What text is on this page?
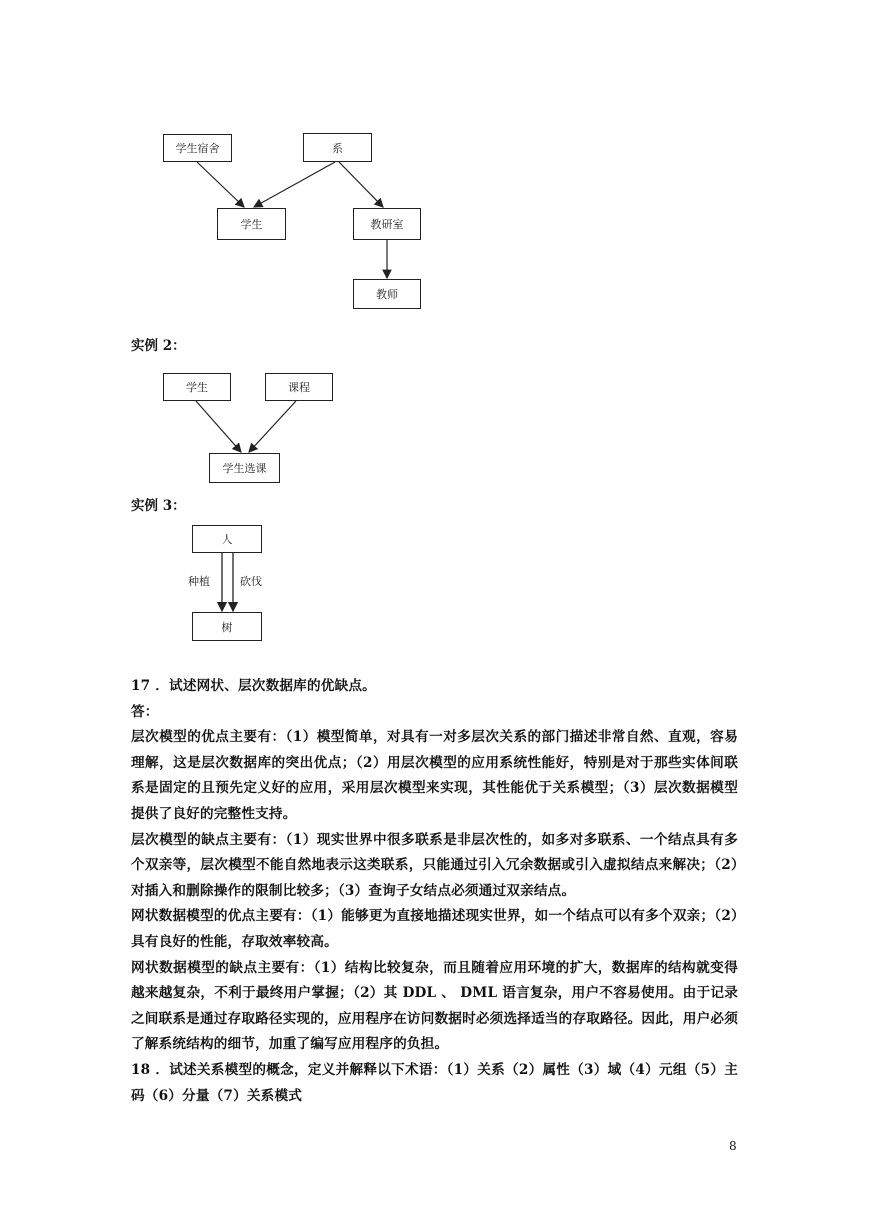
学生宿舍	系
学生	教研室
教师
实例 2：
学生	课程
学生选课
实例 3：
人
树
种植	砍伐

17 ．试述网状、层次数据库的优缺点。

答：

层次模型的优点主要有：（1）模型简单，对具有一对多层次关系的部门描述非常自然、直观，容易理解，这是层次数据库的突出优点；（2）用层次模型的应用系统性能好，特别是对于那些实体间联系是固定的且预先定义好的应用，采用层次模型来实现，其性能优于关系模型；（3）层次数据模型提供了良好的完整性支持。

层次模型的缺点主要有：（1）现实世界中很多联系是非层次性的，如多对多联系、一个结点具有多个双亲等，层次模型不能自然地表示这类联系，只能通过引入冗余数据或引入虚拟结点来解决；（2）对插入和删除操作的限制比较多；（3）查询子女结点必须通过双亲结点。

网状数据模型的优点主要有：（1）能够更为直接地描述现实世界，如一个结点可以有多个双亲；（2）具有良好的性能，存取效率较高。

网状数据模型的缺点主要有：（1）结构比较复杂，而且随着应用环境的扩大，数据库的结构就变得越来越复杂，不利于最终用户掌握；（2）其 DDL 、 DML 语言复杂，用户不容易使用。由于记录之间联系是通过存取路径实现的，应用程序在访问数据时必须选择适当的存取路径。因此，用户必须了解系统结构的细节，加重了编写应用程序的负担。

18 ．试述关系模型的概念，定义并解释以下术语：（1）关系（2）属性（3）域（4）元组（5）主码（6）分量（7）关系模式

8
